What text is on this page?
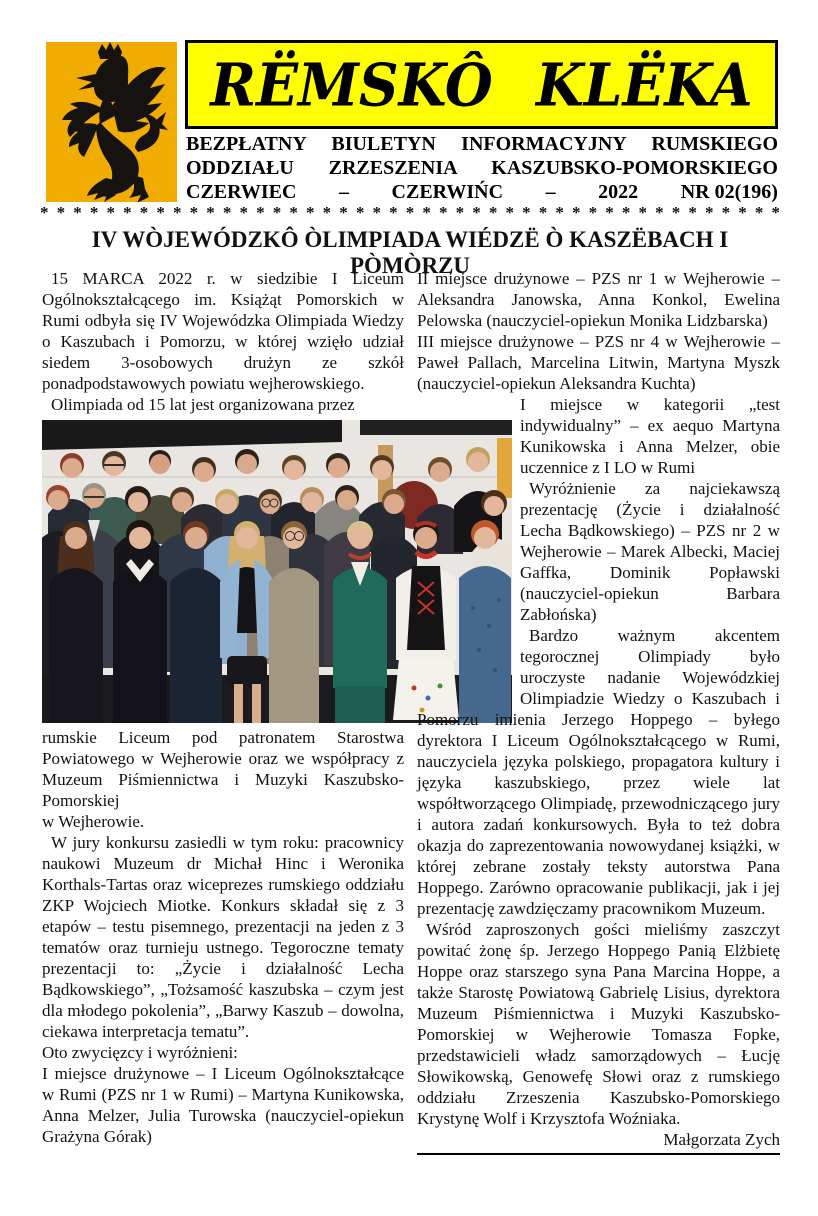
RËMSKÔ KLËKA
BEZPŁATNY BIULETYN INFORMACYJNY RUMSKIEGO
ODDZIAŁU ZRZESZENIA KASZUBSKO-POMORSKIEGO
CZERWIEC – CZERWIŃC – 2022 NR 02(196)
* * * * * * * * * * * * * * * * * * * * * * * * * * * * * * * * * * * * * * * * * * * * *
IV WÒJEWÓDZKÔ ÒLIMPIADA WIÉDZË Ò KASZËBACH I PÒMÒRZU

15 MARCA 2022 r. w siedzibie I Liceum Ogólnokształcącego im. Książąt Pomorskich w Rumi odbyła się IV Wojewódzka Olimpiada Wiedzy o Kaszubach i Pomorzu, w której wzięło udział siedem 3-osobowych drużyn ze szkół ponadpodstawowych powiatu wejherowskiego.

Olimpiada od 15 lat jest organizowana przez

rumskie Liceum pod patronatem Starostwa Powiatowego w Wejherowie oraz we współpracy z Muzeum Piśmiennictwa i Muzyki Kaszubsko-Pomorskiej

w Wejherowie.

W jury konkursu zasiedli w tym roku: pracownicy naukowi Muzeum dr Michał Hinc i Weronika Korthals-Tartas oraz wiceprezes rumskiego oddziału ZKP Wojciech Miotke. Konkurs składał się z 3 etapów – testu pisemnego, prezentacji na jeden z 3 tematów oraz turnieju ustnego. Tegoroczne tematy prezentacji to: „Życie i działalność Lecha Bądkowskiego”, „Tożsamość kaszubska – czym jest dla młodego pokolenia”, „Barwy Kaszub – dowolna, ciekawa interpretacja tematu”.

Oto zwycięzcy i wyróżnieni:

I miejsce drużynowe – I Liceum Ogólnokształcące w Rumi (PZS nr 1 w Rumi) – Martyna Kunikowska, Anna Melzer, Julia Turowska (nauczyciel-opiekun Grażyna Górak)

II miejsce drużynowe – PZS nr 1 w Wejherowie – Aleksandra Janowska, Anna Konkol, Ewelina Pelowska (nauczyciel-opiekun Monika Lidzbarska)

III miejsce drużynowe – PZS nr 4 w Wejherowie – Paweł Pallach, Marcelina Litwin, Martyna Myszk (nauczyciel-opiekun Aleksandra Kuchta)

I miejsce w kategorii „test indywidualny” – ex aequo Martyna Kunikowska i Anna Melzer, obie uczennice z I LO w Rumi

Wyróżnienie za najciekawszą prezentację (Życie i działalność Lecha Bądkowskiego) – PZS nr 2 w Wejherowie – Marek Albecki, Maciej Gaffka, Dominik Popławski (nauczyciel-opiekun Barbara Zabłońska)

Bardzo ważnym akcentem tegorocznej Olimpiady było uroczyste nadanie Wojewódzkiej Olimpiadzie Wiedzy o Kaszubach i Pomorzu imienia Jerzego Hoppego – byłego dyrektora I Liceum Ogólnokształcącego w Rumi, nauczyciela języka polskiego, propagatora kultury i języka kaszubskiego, przez wiele lat współtworzącego Olimpiadę, przewodniczącego jury i autora zadań konkursowych. Była to też dobra okazja do zaprezentowania nowowydanej książki, w której zebrane zostały teksty autorstwa Pana Hoppego. Zarówno opracowanie publikacji, jak i jej prezentację zawdzięczamy pracownikom Muzeum.

Wśród zaproszonych gości mieliśmy zaszczyt powitać żonę śp. Jerzego Hoppego Panią Elżbietę Hoppe oraz starszego syna Pana Marcina Hoppe, a także Starostę Powiatową Gabrielę Lisius, dyrektora Muzeum Piśmiennictwa i Muzyki Kaszubsko-Pomorskiej w Wejherowie Tomasza Fopke, przedstawicieli władz samorządowych – Łucję Słowikowską, Genowefę Słowi oraz z rumskiego oddziału Zrzeszenia Kaszubsko-Pomorskiego Krystynę Wolf i Krzysztofa Woźniaka.

Małgorzata Zych
